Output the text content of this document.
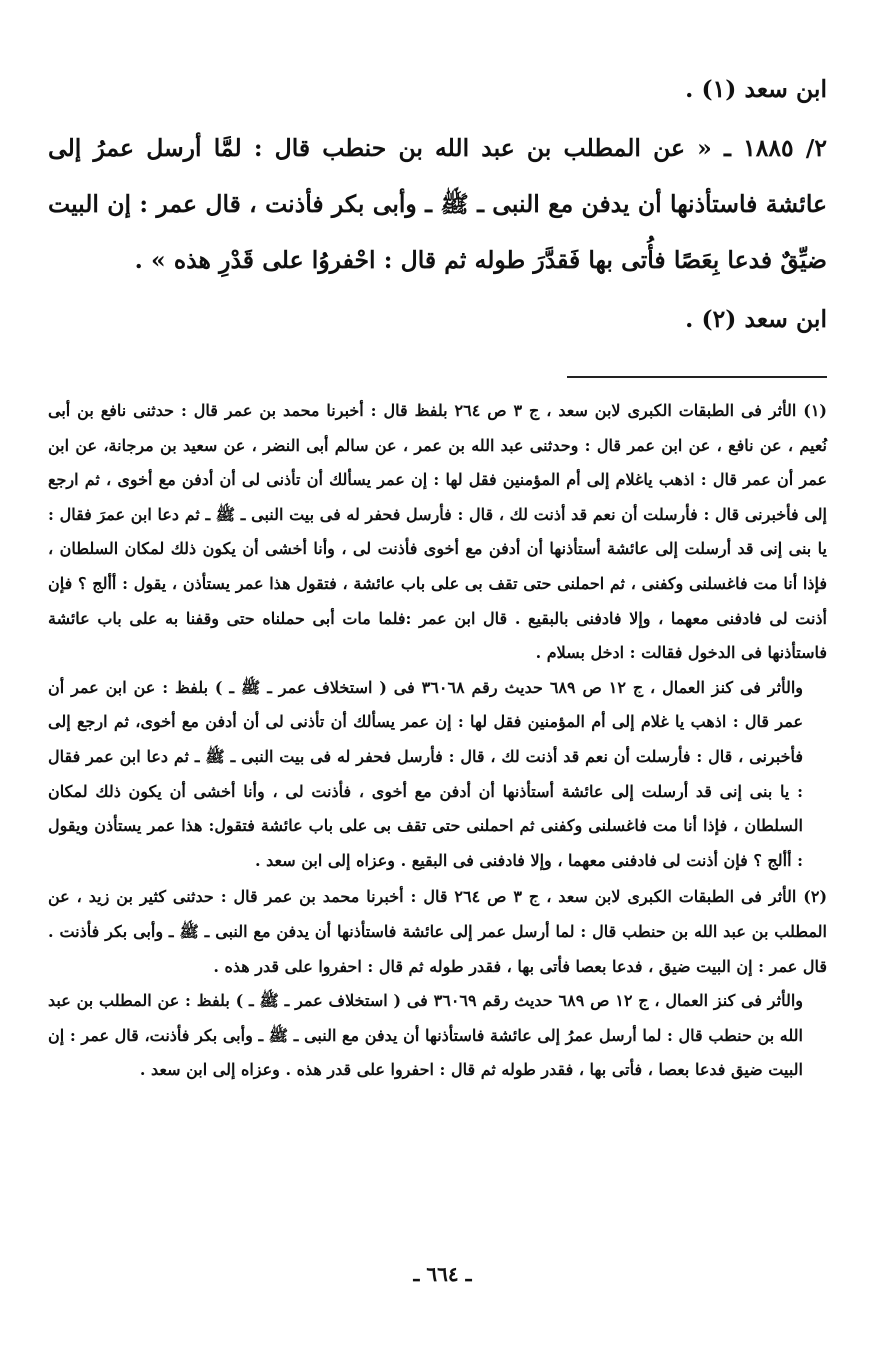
ابن سعد (١) .

٢/ ١٨٨٥ ـ « عن المطلب بن عبد الله بن حنطب قال : لمَّا أرسل عمرُ إلى عائشة فاستأذنها أن يدفن مع النبى ـ ﷺ ـ وأبى بكر فأذنت ، قال عمر : إن البيت ضيِّقٌ فدعا بِعَصًا فأُتى بها فَقدَّرَ طوله ثم قال : احْفروُا على قَدْرِ هذه » .

ابن سعد (٢) .

(١) الأثر فى الطبقات الكبرى لابن سعد ، ج ٣ ص ٢٦٤ بلفظ قال : أخبرنا محمد بن عمر قال : حدثنى نافع بن أبى نُعيم ، عن نافع ، عن ابن عمر قال : وحدثنى عبد الله بن عمر ، عن سالم أبى النضر ، عن سعيد بن مرجانة، عن ابن عمر أن عمر قال : اذهب ياغلام إلى أم المؤمنين فقل لها : إن عمر يسألك أن تأذنى لى أن أدفن مع أخوى ، ثم ارجع إلى فأخبرنى قال : فأرسلت أن نعم قد أذنت لك ، قال : فأرسل فحفر له فى بيت النبى ـ ﷺ ـ ثم دعا ابن عمرَ فقال : يا بنى إنى قد أرسلت إلى عائشة أستأذنها أن أدفن مع أخوى فأذنت لى ، وأنا أخشى أن يكون ذلك لمكان السلطان ، فإذا أنا مت فاغسلنى وكفنى ، ثم احملنى حتى تقف بى على باب عائشة ، فتقول هذا عمر يستأذن ، يقول : أألج ؟ فإن أذنت لى فادفنى معهما ، وإلا فادفنى بالبقيع . قال ابن عمر :فلما مات أبى حملناه حتى وقفنا به على باب عائشة فاستأذنها فى الدخول فقالت : ادخل بسلام .

والأثر فى كنز العمال ، ج ١٢ ص ٦٨٩ حديث رقم ٣٦٠٦٨ فى ( استخلاف عمر ـ ﷺ ـ ) بلفظ : عن ابن عمر أن عمر قال : اذهب يا غلام إلى أم المؤمنين فقل لها : إن عمر يسألك أن تأذنى لى أن أدفن مع أخوى، ثم ارجع إلى فأخبرنى ، قال : فأرسلت أن نعم قد أذنت لك ، قال : فأرسل فحفر له فى بيت النبى ـ ﷺ ـ ثم دعا ابن عمر فقال : يا بنى إنى قد أرسلت إلى عائشة أستأذنها أن أدفن مع أخوى ، فأذنت لى ، وأنا أخشى أن يكون ذلك لمكان السلطان ، فإذا أنا مت فاغسلنى وكفنى ثم احملنى حتى تقف بى على باب عائشة فتقول: هذا عمر يستأذن ويقول : أألج ؟ فإن أذنت لى فادفنى معهما ، وإلا فادفنى فى البقيع . وعزاه إلى ابن سعد .

(٢) الأثر فى الطبقات الكبرى لابن سعد ، ج ٣ ص ٢٦٤ قال : أخبرنا محمد بن عمر قال : حدثنى كثير بن زيد ، عن المطلب بن عبد الله بن حنطب قال : لما أرسل عمر إلى عائشة فاستأذنها أن يدفن مع النبى ـ ﷺ ـ وأبى بكر فأذنت . قال عمر : إن البيت ضيق ، فدعا بعصا فأتى بها ، فقدر طوله ثم قال : احفروا على قدر هذه .

والأثر فى كنز العمال ، ج ١٢ ص ٦٨٩ حديث رقم ٣٦٠٦٩ فى ( استخلاف عمر ـ ﷺ ـ ) بلفظ : عن المطلب بن عبد الله بن حنطب قال : لما أرسل عمرُ إلى عائشة فاستأذنها أن يدفن مع النبى ـ ﷺ ـ وأبى بكر فأذنت، قال عمر : إن البيت ضيق فدعا بعصا ، فأتى بها ، فقدر طوله ثم قال : احفروا على قدر هذه . وعزاه إلى ابن سعد .

ـ ٦٦٤ ـ
